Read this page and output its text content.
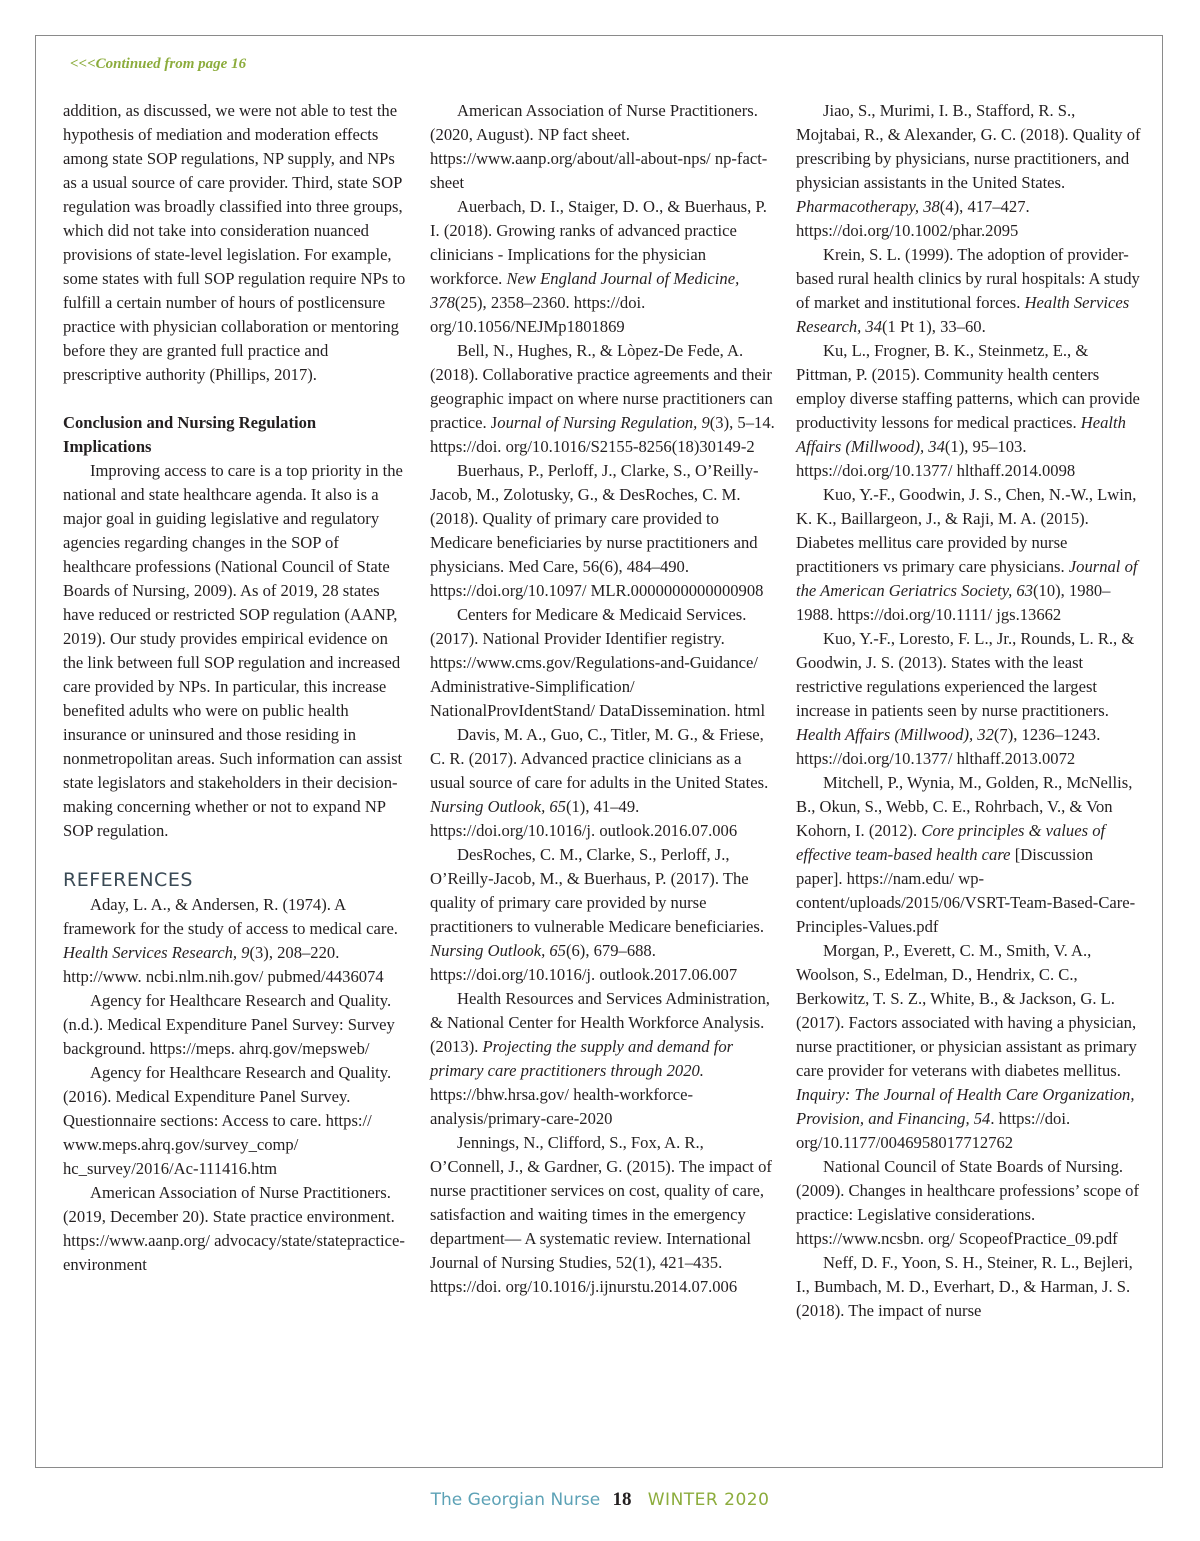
<<<Continued from page 16

addition, as discussed, we were not able to test the hypothesis of mediation and moderation effects among state SOP regulations, NP supply, and NPs as a usual source of care provider. Third, state SOP regulation was broadly classified into three groups, which did not take into consideration nuanced provisions of state-level legislation. For example, some states with full SOP regulation require NPs to fulfill a certain number of hours of postlicensure practice with physician collaboration or mentoring before they are granted full practice and prescriptive authority (Phillips, 2017).

Conclusion and Nursing Regulation Implications

Improving access to care is a top priority in the national and state healthcare agenda. It also is a major goal in guiding legislative and regulatory agencies regarding changes in the SOP of healthcare professions (National Council of State Boards of Nursing, 2009). As of 2019, 28 states have reduced or restricted SOP regulation (AANP, 2019). Our study provides empirical evidence on the link between full SOP regulation and increased care provided by NPs. In particular, this increase benefited adults who were on public health insurance or uninsured and those residing in nonmetropolitan areas. Such information can assist state legislators and stakeholders in their decision-making concerning whether or not to expand NP SOP regulation.

REFERENCES

Aday, L. A., & Andersen, R. (1974). A framework for the study of access to medical care. Health Services Research, 9(3), 208–220. http://www. ncbi.nlm.nih.gov/ pubmed/4436074

Agency for Healthcare Research and Quality. (n.d.). Medical Expenditure Panel Survey: Survey background. https://meps. ahrq.gov/mepsweb/

Agency for Healthcare Research and Quality. (2016). Medical Expenditure Panel Survey. Questionnaire sections: Access to care. https:// www.meps.ahrq.gov/survey_comp/ hc_survey/2016/Ac-111416.htm

American Association of Nurse Practitioners. (2019, December 20). State practice environment. https://www.aanp.org/ advocacy/state/statepractice-environment

American Association of Nurse Practitioners. (2020, August). NP fact sheet. https://www.aanp.org/about/all-about-nps/ np-fact-sheet

Auerbach, D. I., Staiger, D. O., & Buerhaus, P. I. (2018). Growing ranks of advanced practice clinicians - Implications for the physician workforce. New England Journal of Medicine, 378(25), 2358–2360. https://doi. org/10.1056/NEJMp1801869

Bell, N., Hughes, R., & Lòpez-De Fede, A. (2018). Collaborative practice agreements and their geographic impact on where nurse practitioners can practice. Journal of Nursing Regulation, 9(3), 5–14. https://doi. org/10.1016/S2155-8256(18)30149-2

Buerhaus, P., Perloff, J., Clarke, S., O’Reilly-Jacob, M., Zolotusky, G., & DesRoches, C. M. (2018). Quality of primary care provided to Medicare beneficiaries by nurse practitioners and physicians. Med Care, 56(6), 484–490. https://doi.org/10.1097/ MLR.0000000000000908

Centers for Medicare & Medicaid Services. (2017). National Provider Identifier registry. https://www.cms.gov/Regulations-and-Guidance/ Administrative-Simplification/ NationalProvIdentStand/ DataDissemination. html

Davis, M. A., Guo, C., Titler, M. G., & Friese, C. R. (2017). Advanced practice clinicians as a usual source of care for adults in the United States. Nursing Outlook, 65(1), 41–49. https://doi.org/10.1016/j. outlook.2016.07.006

DesRoches, C. M., Clarke, S., Perloff, J., O’Reilly-Jacob, M., & Buerhaus, P. (2017). The quality of primary care provided by nurse practitioners to vulnerable Medicare beneficiaries. Nursing Outlook, 65(6), 679–688. https://doi.org/10.1016/j. outlook.2017.06.007

Health Resources and Services Administration, & National Center for Health Workforce Analysis. (2013). Projecting the supply and demand for primary care practitioners through 2020. https://bhw.hrsa.gov/ health-workforce-analysis/primary-care-2020

Jennings, N., Clifford, S., Fox, A. R., O’Connell, J., & Gardner, G. (2015). The impact of nurse practitioner services on cost, quality of care, satisfaction and waiting times in the emergency department— A systematic review. International Journal of Nursing Studies, 52(1), 421–435. https://doi. org/10.1016/j.ijnurstu.2014.07.006

Jiao, S., Murimi, I. B., Stafford, R. S., Mojtabai, R., & Alexander, G. C. (2018). Quality of prescribing by physicians, nurse practitioners, and physician assistants in the United States. Pharmacotherapy, 38(4), 417–427. https://doi.org/10.1002/phar.2095

Krein, S. L. (1999). The adoption of provider-based rural health clinics by rural hospitals: A study of market and institutional forces. Health Services Research, 34(1 Pt 1), 33–60.

Ku, L., Frogner, B. K., Steinmetz, E., & Pittman, P. (2015). Community health centers employ diverse staffing patterns, which can provide productivity lessons for medical practices. Health Affairs (Millwood), 34(1), 95–103. https://doi.org/10.1377/ hlthaff.2014.0098

Kuo, Y.-F., Goodwin, J. S., Chen, N.-W., Lwin, K. K., Baillargeon, J., & Raji, M. A. (2015). Diabetes mellitus care provided by nurse practitioners vs primary care physicians. Journal of the American Geriatrics Society, 63(10), 1980–1988. https://doi.org/10.1111/ jgs.13662

Kuo, Y.-F., Loresto, F. L., Jr., Rounds, L. R., & Goodwin, J. S. (2013). States with the least restrictive regulations experienced the largest increase in patients seen by nurse practitioners. Health Affairs (Millwood), 32(7), 1236–1243. https://doi.org/10.1377/ hlthaff.2013.0072

Mitchell, P., Wynia, M., Golden, R., McNellis, B., Okun, S., Webb, C. E., Rohrbach, V., & Von Kohorn, I. (2012). Core principles & values of effective team-based health care [Discussion paper]. https://nam.edu/ wp-content/uploads/2015/06/VSRT-Team-Based-Care-Principles-Values.pdf

Morgan, P., Everett, C. M., Smith, V. A., Woolson, S., Edelman, D., Hendrix, C. C., Berkowitz, T. S. Z., White, B., & Jackson, G. L. (2017). Factors associated with having a physician, nurse practitioner, or physician assistant as primary care provider for veterans with diabetes mellitus. Inquiry: The Journal of Health Care Organization, Provision, and Financing, 54. https://doi. org/10.1177/0046958017712762

National Council of State Boards of Nursing. (2009). Changes in healthcare professions’ scope of practice: Legislative considerations. https://www.ncsbn. org/ ScopeofPractice_09.pdf

Neff, D. F., Yoon, S. H., Steiner, R. L., Bejleri, I., Bumbach, M. D., Everhart, D., & Harman, J. S. (2018). The impact of nurse

The Georgian Nurse 18 WINTER 2020
